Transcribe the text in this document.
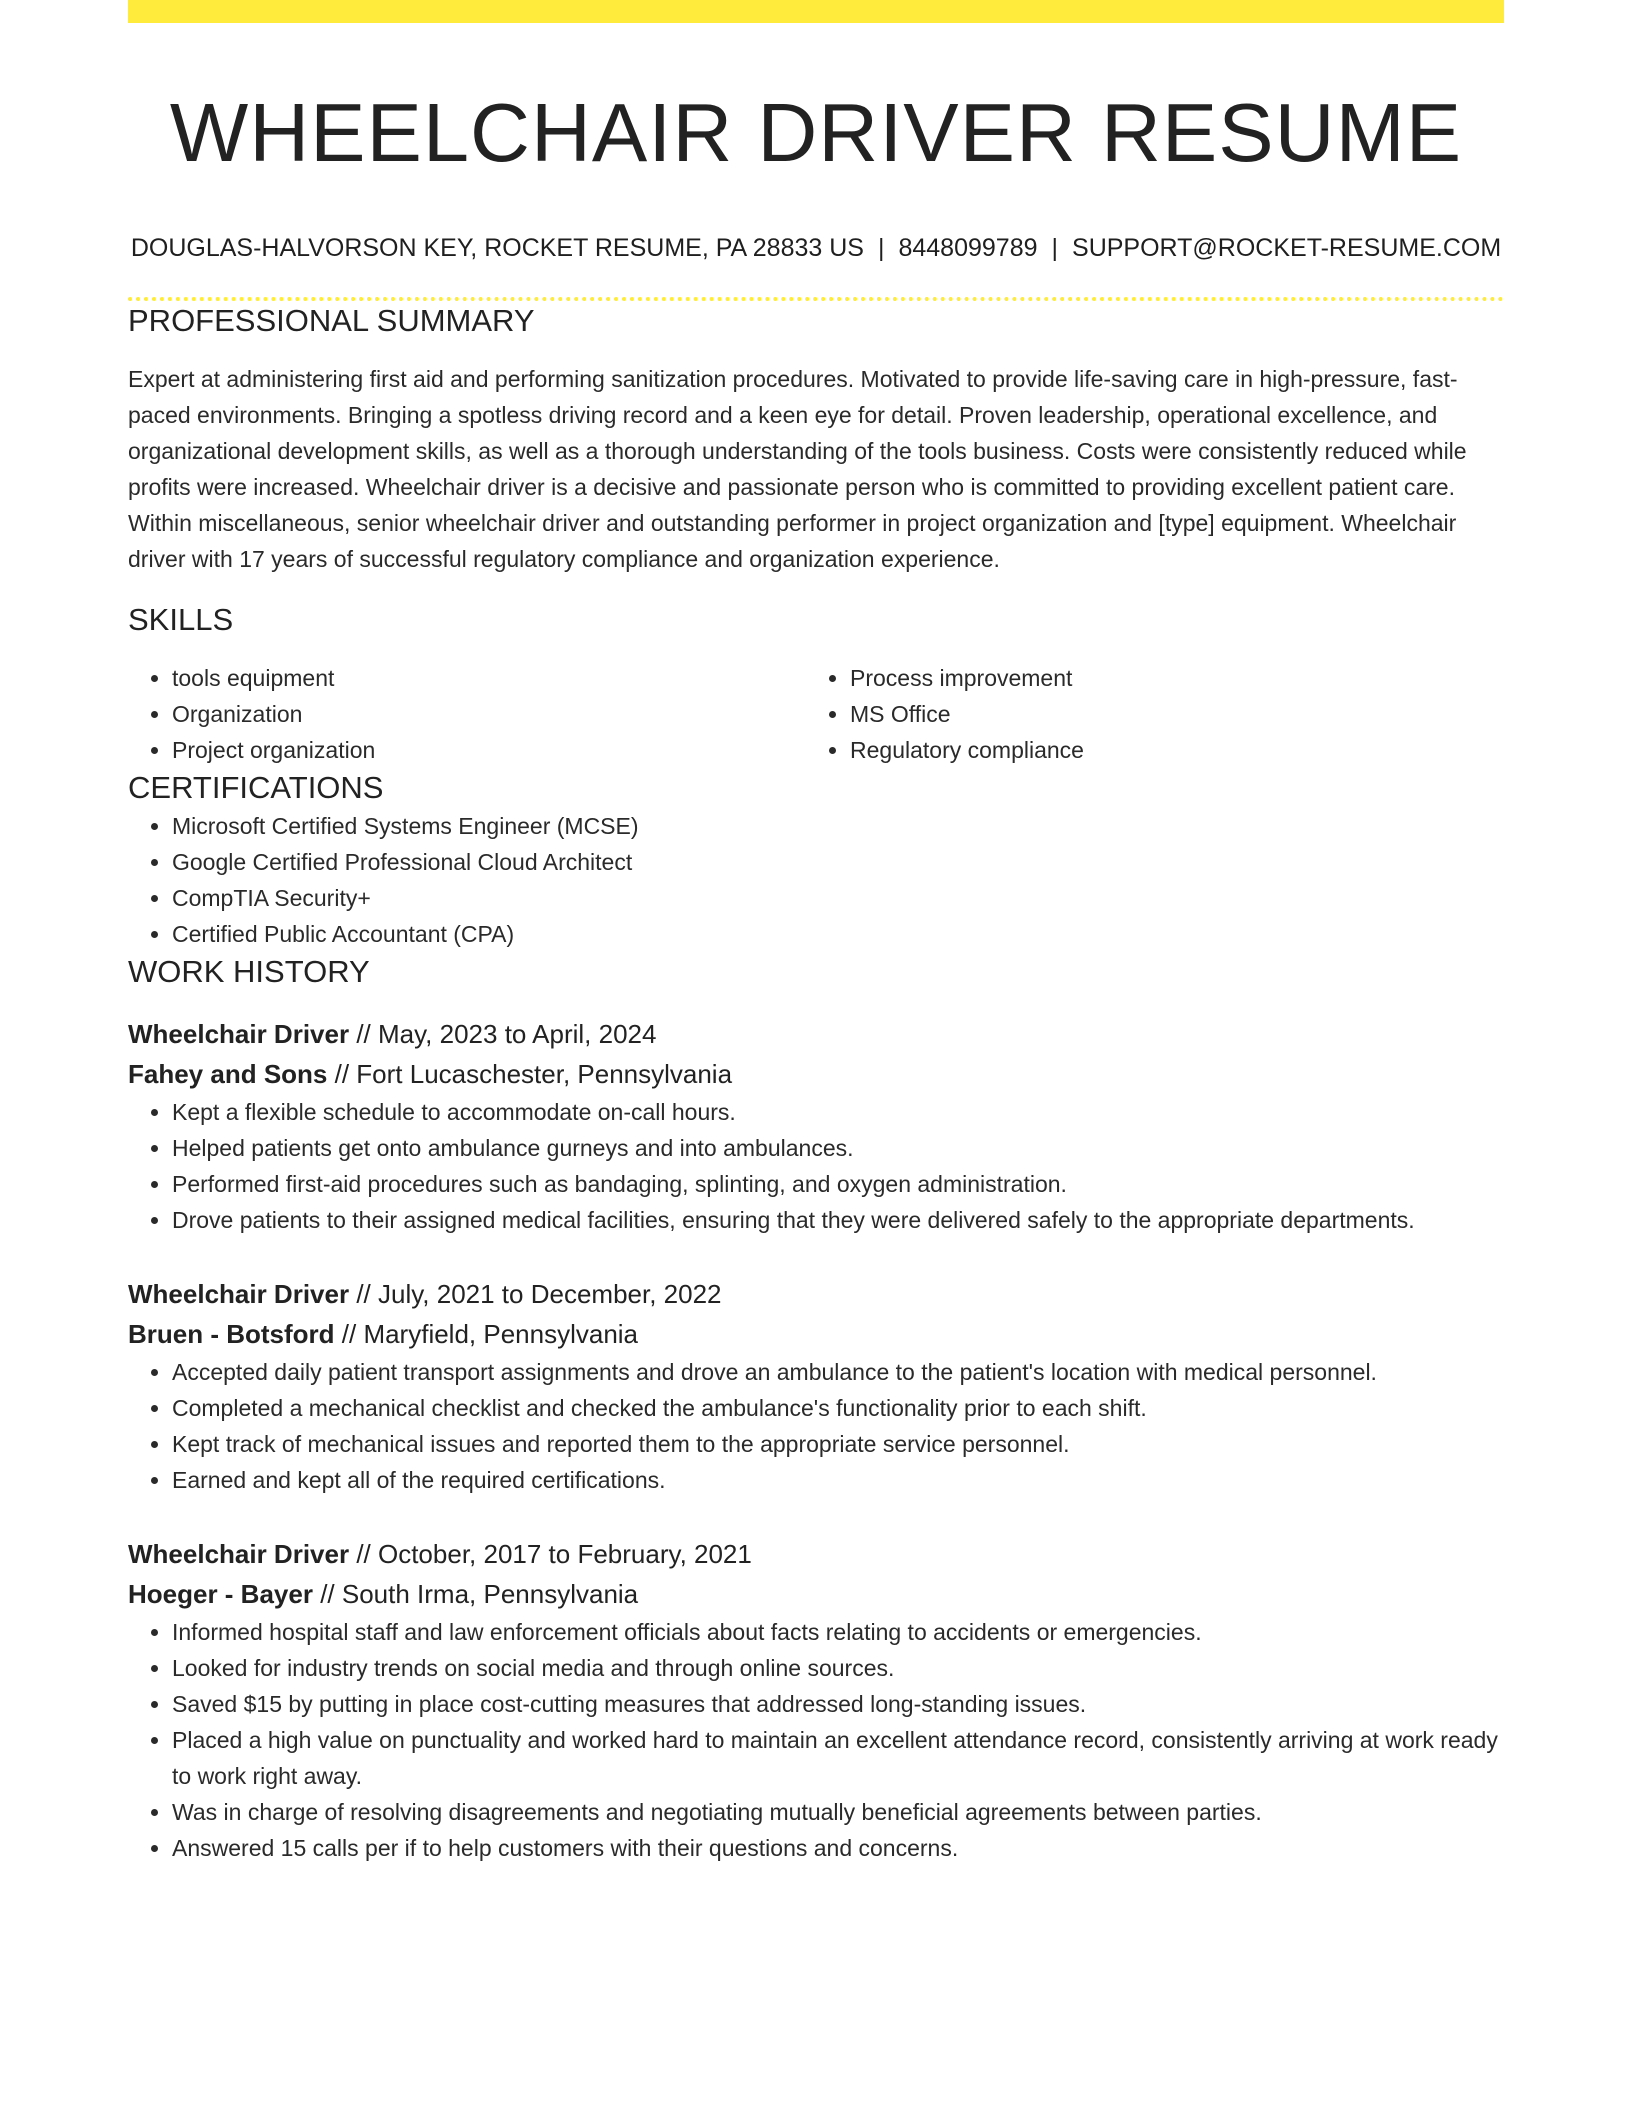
WHEELCHAIR DRIVER RESUME
DOUGLAS-HALVORSON KEY, ROCKET RESUME, PA 28833 US | 8448099789 | SUPPORT@ROCKET-RESUME.COM
PROFESSIONAL SUMMARY

Expert at administering first aid and performing sanitization procedures. Motivated to provide life-saving care in high-pressure, fast-paced environments. Bringing a spotless driving record and a keen eye for detail. Proven leadership, operational excellence, and organizational development skills, as well as a thorough understanding of the tools business. Costs were consistently reduced while profits were increased. Wheelchair driver is a decisive and passionate person who is committed to providing excellent patient care. Within miscellaneous, senior wheelchair driver and outstanding performer in project organization and [type] equipment. Wheelchair driver with 17 years of successful regulatory compliance and organization experience.

SKILLS
• tools equipment
• Organization
• Project organization
• Process improvement
• MS Office
• Regulatory compliance
CERTIFICATIONS
• Microsoft Certified Systems Engineer (MCSE)
• Google Certified Professional Cloud Architect
• CompTIA Security+
• Certified Public Accountant (CPA)
WORK HISTORY
Wheelchair Driver // May, 2023 to April, 2024
Fahey and Sons // Fort Lucaschester, Pennsylvania
• Kept a flexible schedule to accommodate on-call hours.
• Helped patients get onto ambulance gurneys and into ambulances.
• Performed first-aid procedures such as bandaging, splinting, and oxygen administration.
• Drove patients to their assigned medical facilities, ensuring that they were delivered safely to the appropriate departments.
Wheelchair Driver // July, 2021 to December, 2022
Bruen - Botsford // Maryfield, Pennsylvania
• Accepted daily patient transport assignments and drove an ambulance to the patient's location with medical personnel.
• Completed a mechanical checklist and checked the ambulance's functionality prior to each shift.
• Kept track of mechanical issues and reported them to the appropriate service personnel.
• Earned and kept all of the required certifications.
Wheelchair Driver // October, 2017 to February, 2021
Hoeger - Bayer // South Irma, Pennsylvania
• Informed hospital staff and law enforcement officials about facts relating to accidents or emergencies.
• Looked for industry trends on social media and through online sources.
• Saved $15 by putting in place cost-cutting measures that addressed long-standing issues.
• Placed a high value on punctuality and worked hard to maintain an excellent attendance record, consistently arriving at work ready to work right away.
• Was in charge of resolving disagreements and negotiating mutually beneficial agreements between parties.
• Answered 15 calls per if to help customers with their questions and concerns.
